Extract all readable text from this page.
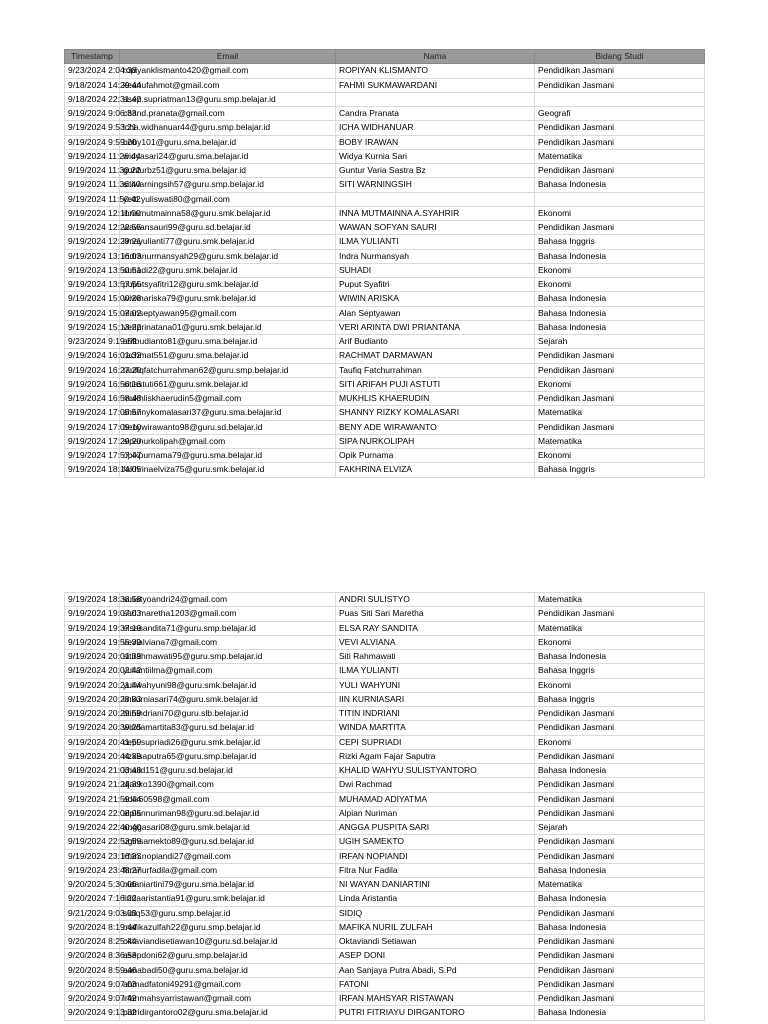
Timestamp	Email	Nama	Bidang Studi
9/23/2024 2:04:38	ropiyanklismanto420@gmail.com	ROPIYAN KLISMANTO	Pendidikan Jasmani
9/18/2024 14:29:44	keanufahmot@gmail.com	FAHMI SUKMAWARDANI	Pendidikan Jasmani
9/18/2024 22:31:42	asep.supriatman13@guru.smp.belajar.id		
9/19/2024 9:06:33	chand.pranata@gmail.com	Candra Pranata	Geografi
9/19/2024 9:53:21	icha.widhanuar44@guru.smp.belajar.id	ICHA WIDHANUAR	Pendidikan Jasmani
9/19/2024 9:59:20	boby101@guru.sma.belajar.id	BOBY IRAWAN	Pendidikan Jasmani
9/19/2024 11:26:44	widyasari24@guru.sma.belajar.id	Widya Kurnia Sari	Matematika
9/19/2024 11:30:22	gunturbz51@guru.sma.belajar.id	Guntur Varia Sastra Bz	Pendidikan Jasmani
9/19/2024 11:36:40	sitiwarningsih57@guru.smp.belajar.id	SITI WARNINGSIH	Bahasa Indonesia
9/19/2024 11:50:42	yetti.yuliswati80@gmail.com		
9/19/2024 12:11:00	innamutmainna58@guru.smk.belajar.id	INNA MUTMAINNA A.SYAHRIR	Ekonomi
9/19/2024 12:22:55	wawansauri99@guru.sd.belajar.id	WAWAN SOFYAN SAURI	Pendidikan Jasmani
9/19/2024 12:29:21	ilmayulianti77@guru.smk.belajar.id	ILMA YULIANTI	Bahasa Inggris
9/19/2024 13:16:03	indranurmansyah29@guru.smk.belajar.id	Indra Nurmansyah	Bahasa Indonesia
9/19/2024 13:50:51	suhadi22@guru.smk.belajar.id	SUHADI	Ekonomi
9/19/2024 13:57:55	puputsyafitri12@guru.smk.belajar.id	Puput Syafitri	Ekonomi
9/19/2024 15:00:28	wiwinariska79@guru.smk.belajar.id	WIWIN ARISKA	Bahasa Indonesia
9/19/2024 15:07:02	alanseptyawan95@gmail.com	Alan Septyawan	Bahasa Indonesia
9/19/2024 15:13:22	veriprinatana01@guru.smk.belajar.id	VERI ARINTA DWI PRIANTANA	Bahasa Indonesia
9/23/2024 9:19:59	arifbudianto81@guru.sma.belajar.id	Arif Budianto	Sejarah
9/19/2024 16:01:32	rachmat551@guru.sma.belajar.id	RACHMAT DARMAWAN	Pendidikan Jasmani
9/19/2024 16:27:20	taufiqfatchurrahman62@guru.smp.belajar.id	Taufiq Fatchurrahman	Pendidikan Jasmani
9/19/2024 16:56:16	sitiastuti661@guru.smk.belajar.id	SITI ARIFAH PUJI ASTUTI	Ekonomi
9/19/2024 16:58:48	mukhliskhaerudin5@gmail.com	MUKHLIS KHAERUDIN	Pendidikan Jasmani
9/19/2024 17:05:57	shannykomalasari37@guru.sma.belajar.id	SHANNY RIZKY KOMALASARI	Matematika
9/19/2024 17:09:10	benywirawanto98@guru.sd.belajar.id	BENY ADE WIRAWANTO	Pendidikan Jasmani
9/19/2024 17:29:20	sipanurkolipah@gmail.com	SIPA NURKOLIPAH	Matematika
9/19/2024 17:57:47	opikpurnama79@guru.sma.belajar.id	Opik Purnama	Ekonomi
9/19/2024 18:14:05	fakhrinaelviza75@guru.smk.belajar.id	FAKHRINA ELVIZA	Bahasa Inggris
9/19/2024 18:38:58	sulistyoandri24@gmail.com	ANDRI SULISTYO	Matematika
9/19/2024 19:07:03	sari.maretha1203@gmail.com	Puas Siti Sari Maretha	Pendidikan Jasmani
9/19/2024 19:37:19	elsasandita71@guru.smp.belajar.id	ELSA RAY SANDITA	Matematika
9/19/2024 19:55:39	vevialviana7@gmail.com	VEVI ALVIANA	Ekonomi
9/19/2024 20:01:39	sitirahmawati95@guru.smp.belajar.id	Siti Rahmawati	Bahasa Indonesia
9/19/2024 20:02:42	yuliantiilma@gmail.com	ILMA YULIANTI	Bahasa Inggris
9/19/2024 20:21:44	yuliwahyuni98@guru.smk.belajar.id	YULI WAHYUNI	Ekonomi
9/19/2024 20:28:33	iinkurniasari74@guru.smk.belajar.id	IIN KURNIASARI	Bahasa Inggris
9/19/2024 20:29:59	titinindriani70@guru.slb.belajar.id	TITIN INDRIANI	Pendidikan Jasmani
9/19/2024 20:39:25	windamartita83@guru.sd.belajar.id	WINDA MARTITA	Pendidikan Jasmani
9/19/2024 20:41:59	cepi.supriadi26@guru.smk.belajar.id	CEPI SUPRIADI	Ekonomi
9/19/2024 20:44:39	rizkisaputra65@guru.smp.belajar.id	Rizki Agam Fajar Saputra	Pendidikan Jasmani
9/19/2024 21:03:48	khalid151@guru.sd.belajar.id	KHALID WAHYU SULISTYANTORO	Bahasa Indonesia
9/19/2024 21:24:39	djacko1390@gmail.com	Dwi Rachmad	Pendidikan Jasmani
9/19/2024 21:59:44	adis60598@gmail.com	MUHAMAD ADIYATMA	Pendidikan Jasmani
9/19/2024 22:08:05	alpiannuriman98@guru.sd.belajar.id	Alpian Nuriman	Pendidikan Jasmani
9/19/2024 22:40:40	anggasari08@guru.smk.belajar.id	ANGGA PUSPITA SARI	Sejarah
9/19/2024 22:53:59	ugihsamekto89@guru.sd.belajar.id	UGIH SAMEKTO	Pendidikan Jasmani
9/19/2024 23:16:33	irfan.nopiandi27@gmail.com	IRFAN NOPIANDI	Pendidikan Jasmani
9/19/2024 23:48:27	fitranurfadila@gmail.com	Fitra Nur Fadila	Bahasa Indonesia
9/20/2024 5:30:06	nidaniartini79@guru.sma.belajar.id	NI WAYAN DANIARTINI	Matematika
9/20/2024 7:16:22	lindaaristantia91@guru.smk.belajar.id	Linda Aristantia	Bahasa Indonesia
9/21/2024 9:03:03	sidiq53@guru.smp.belajar.id	SIDIQ	Pendidikan Jasmani
9/20/2024 8:19:44	mafikazulfah22@guru.smp.belajar.id	MAFIKA NURIL ZULFAH	Bahasa Indonesia
9/20/2024 8:25:44	oktaviandisetiawan10@guru.sd.belajar.id	Oktaviandi Setiawan	Pendidikan Jasmani
9/20/2024 8:36:53	asepdoni62@guru.smp.belajar.id	ASEP DONI	Pendidikan Jasmani
9/20/2024 8:59:46	aanabadi50@guru.sma.belajar.id	Aan Sanjaya Putra Abadi, S.Pd	Pendidikan Jasmani
9/20/2024 9:07:03	ahmadfatoni49291@gmail.com	FATONI	Pendidikan Jasmani
9/20/2024 9:07:42	irfanmahsyarristawan@gmail.com	IRFAN MAHSYAR RISTAWAN	Pendidikan Jasmani
9/20/2024 9:13:32	putridirgantoro02@guru.sma.belajar.id	PUTRI FITRIAYU DIRGANTORO	Bahasa Indonesia
